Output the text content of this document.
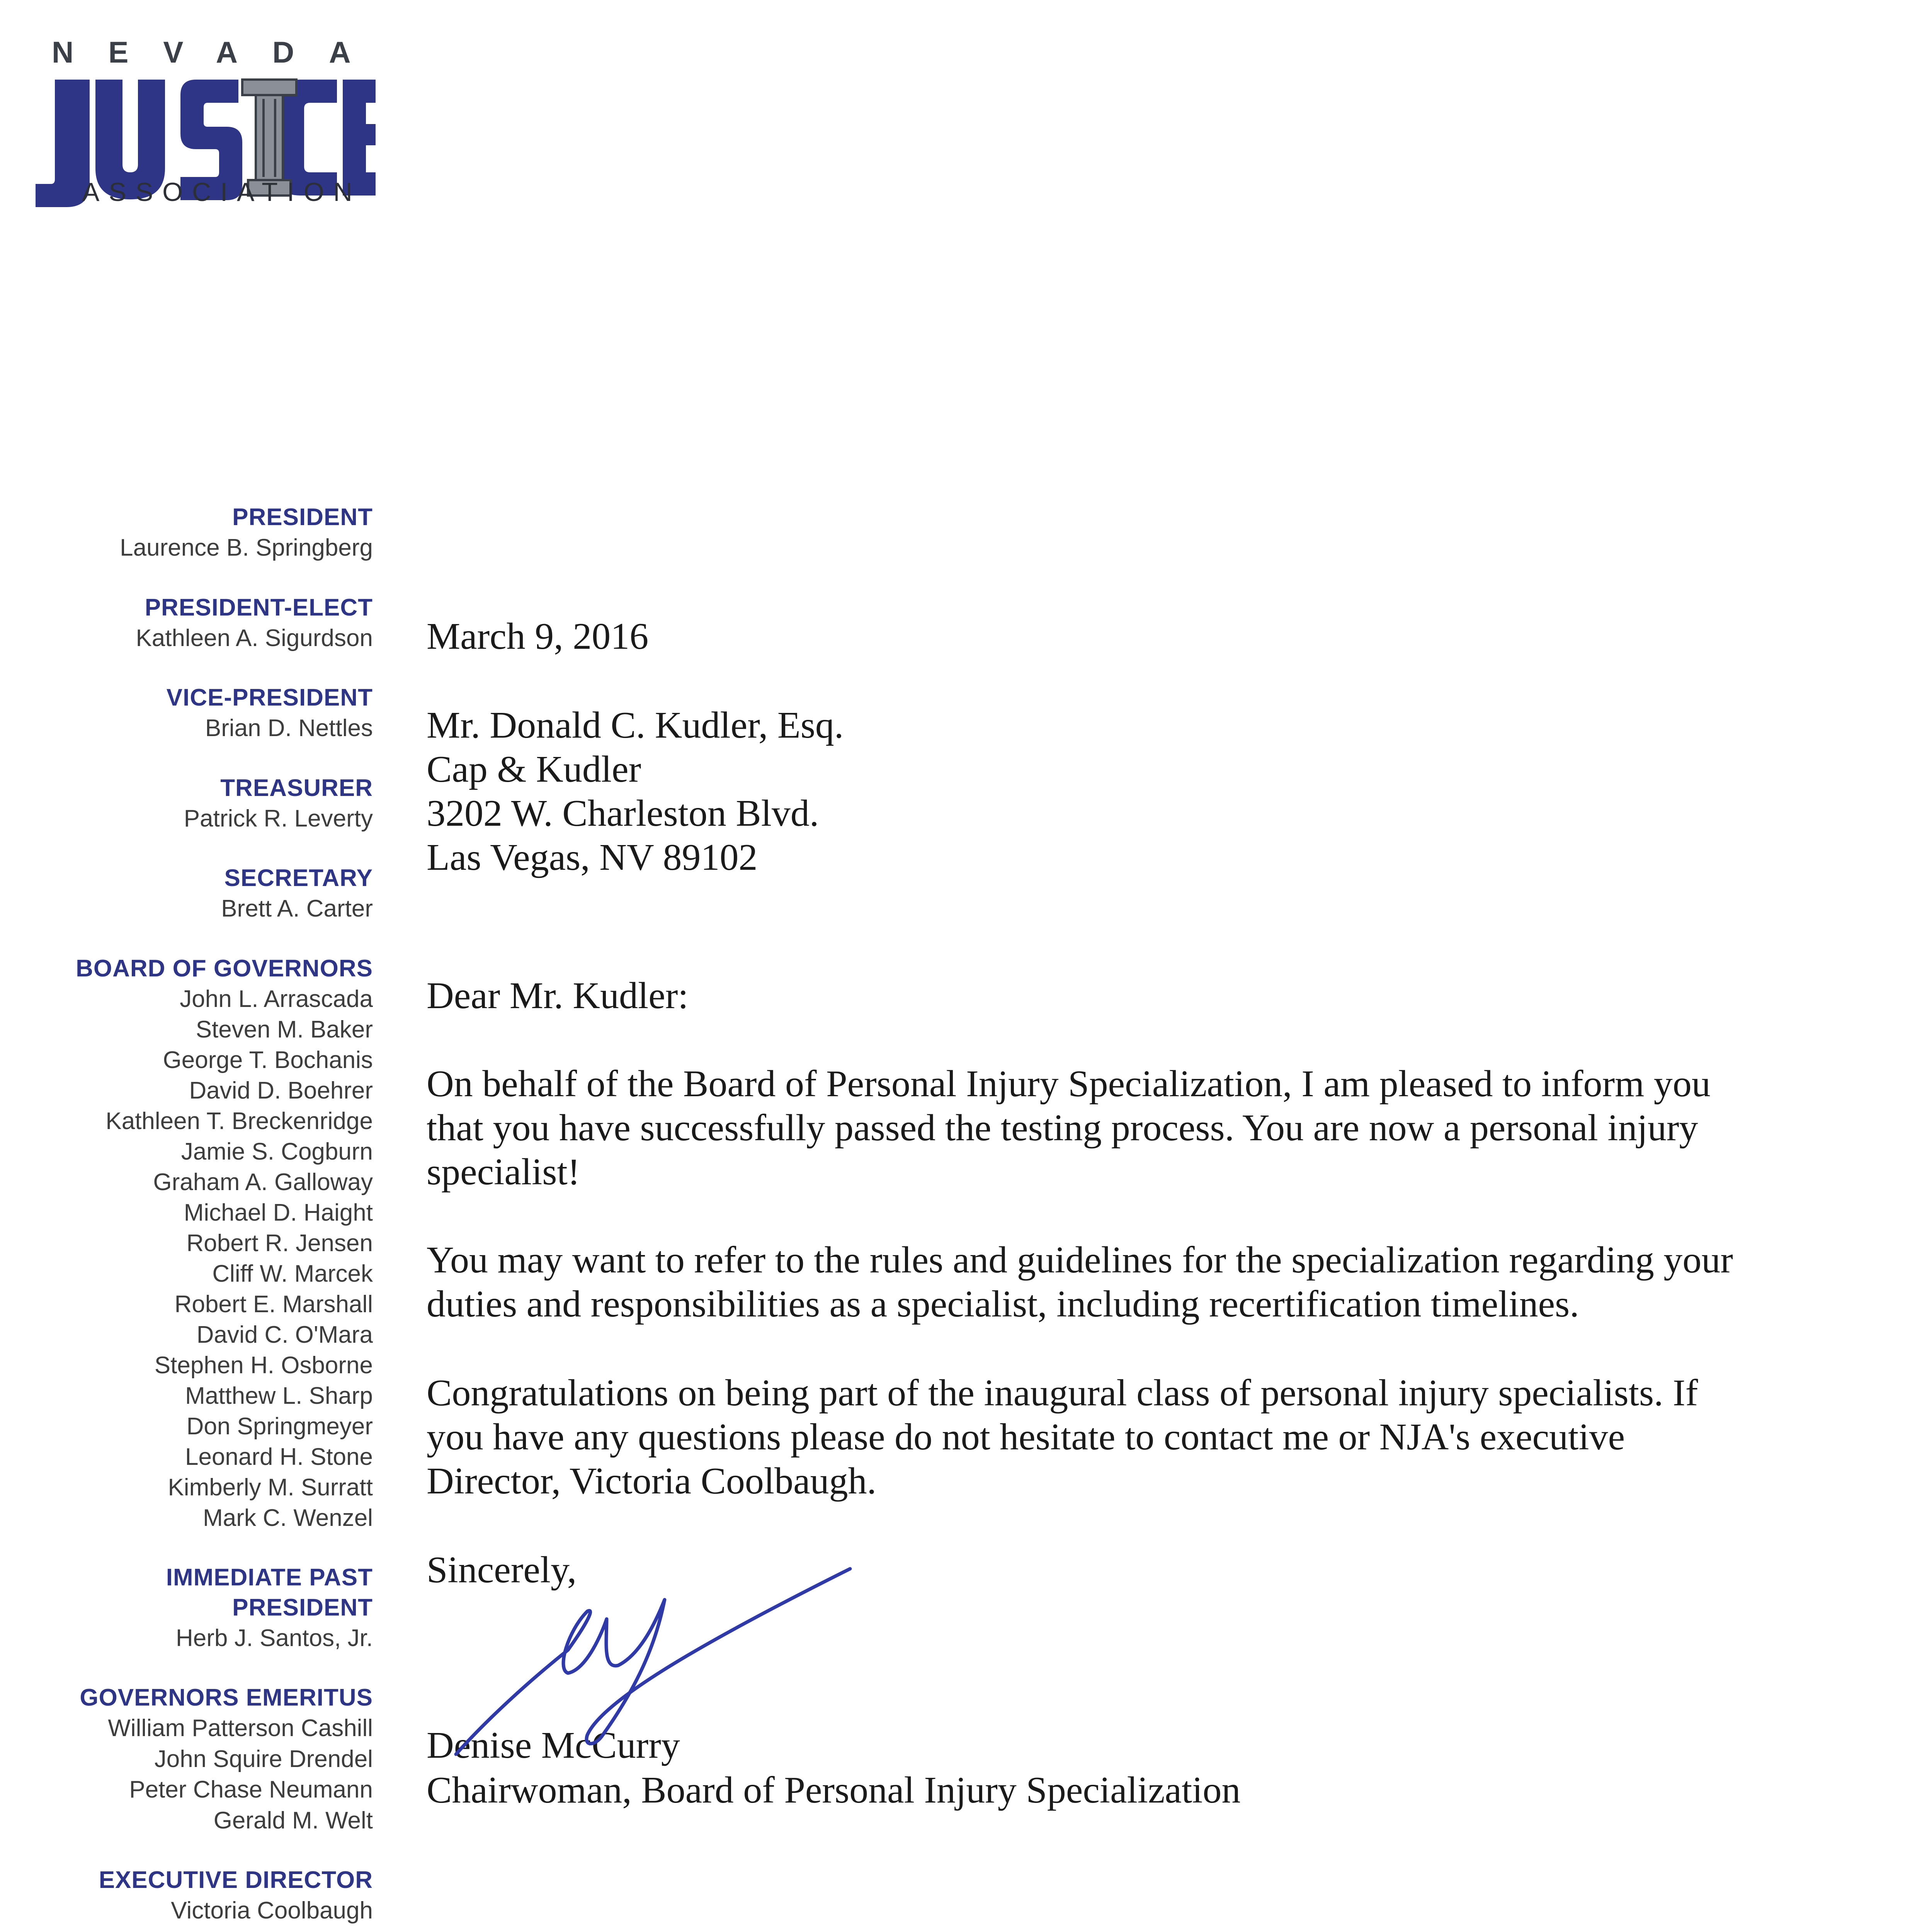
NEVADA
ASSOCIATION
PRESIDENT
Laurence B. Springberg
PRESIDENT-ELECT
Kathleen A. Sigurdson
VICE-PRESIDENT
Brian D. Nettles
TREASURER
Patrick R. Leverty
SECRETARY
Brett A. Carter
BOARD OF GOVERNORS
John L. Arrascada
Steven M. Baker
George T. Bochanis
David D. Boehrer
Kathleen T. Breckenridge
Jamie S. Cogburn
Graham A. Galloway
Michael D. Haight
Robert R. Jensen
Cliff W. Marcek
Robert E. Marshall
David C. O'Mara
Stephen H. Osborne
Matthew L. Sharp
Don Springmeyer
Leonard H. Stone
Kimberly M. Surratt
Mark C. Wenzel
IMMEDIATE PAST PRESIDENT
Herb J. Santos, Jr.
GOVERNORS EMERITUS
William Patterson Cashill
John Squire Drendel
Peter Chase Neumann
Gerald M. Welt
EXECUTIVE DIRECTOR
Victoria Coolbaugh

March 9, 2016

Mr. Donald C. Kudler, Esq.
Cap & Kudler
3202 W. Charleston Blvd.
Las Vegas, NV 89102

Dear Mr. Kudler:

On behalf of the Board of Personal Injury Specialization, I am pleased to inform you that you have successfully passed the testing process. You are now a personal injury specialist!

You may want to refer to the rules and guidelines for the specialization regarding your duties and responsibilities as a specialist, including recertification timelines.

Congratulations on being part of the inaugural class of personal injury specialists. If you have any questions please do not hesitate to contact me or NJA's executive Director, Victoria Coolbaugh.

Sincerely,

Denise McCurry

Chairwoman, Board of Personal Injury Specialization
